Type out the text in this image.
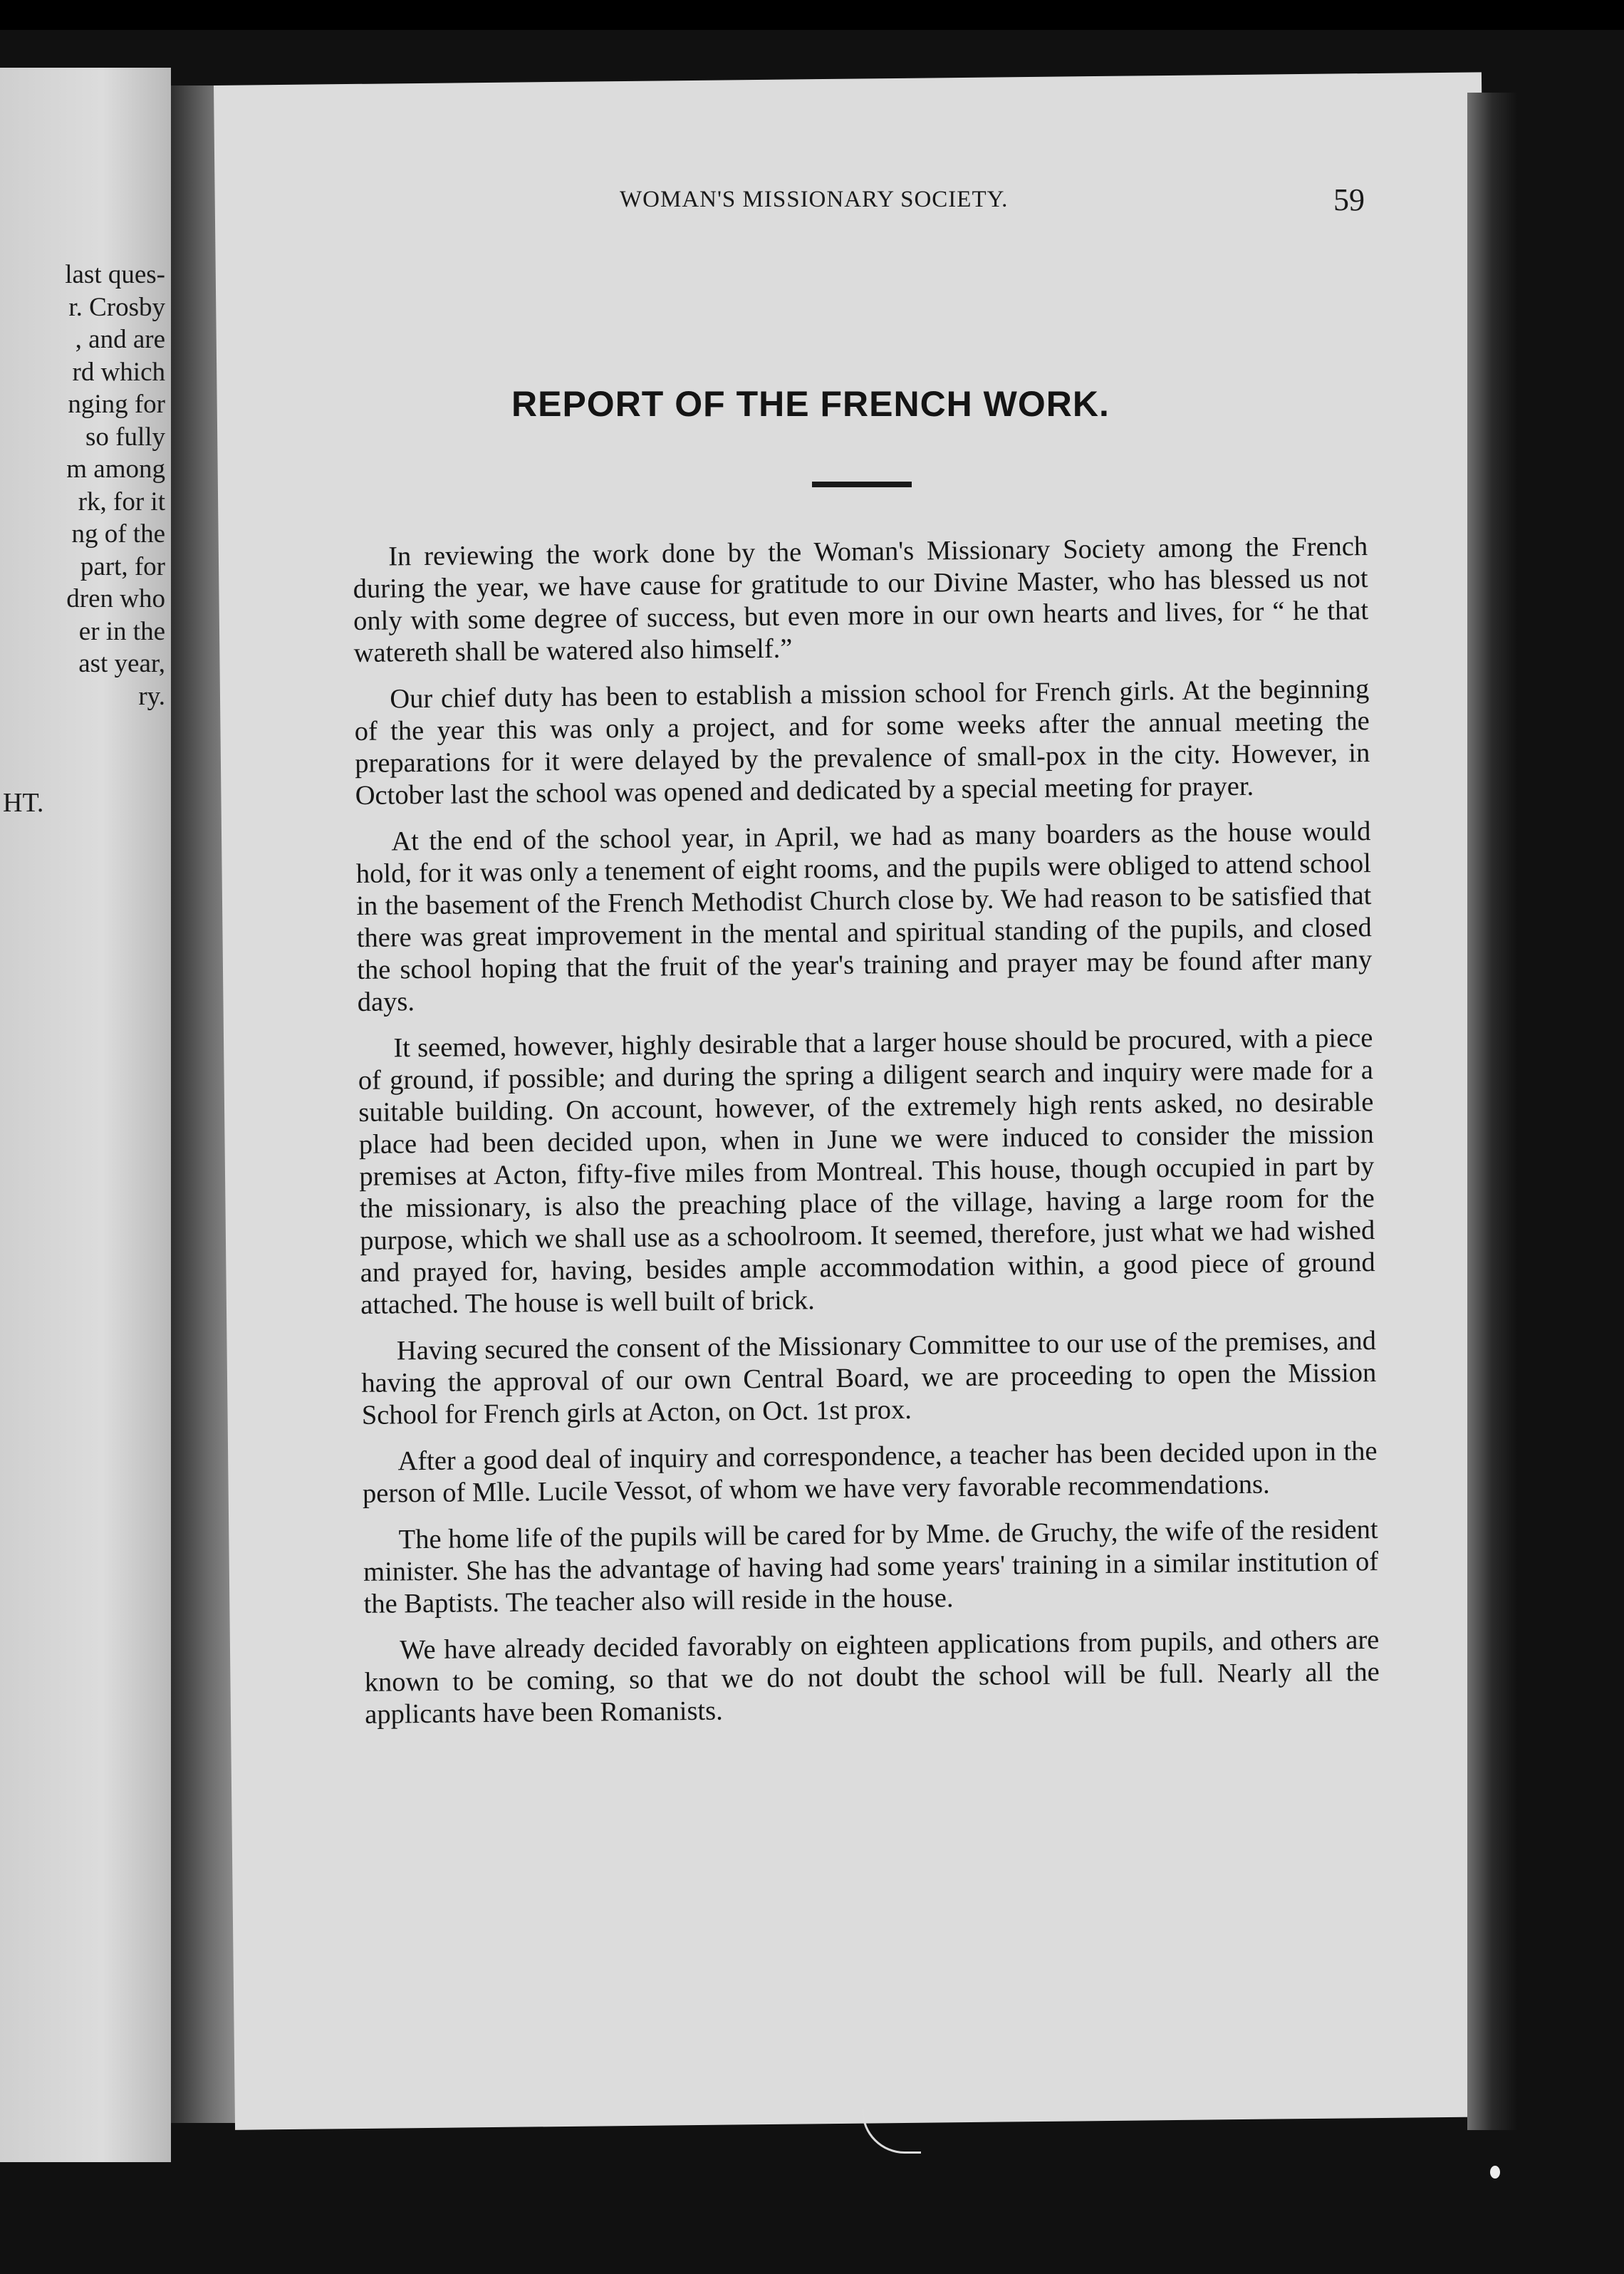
last ques-
r. Crosby
, and are
rd which
nging for
so fully
m among
rk, for it
ng of the
part, for
dren who
er in the
ast year,
ry.
HT.
WOMAN'S MISSIONARY SOCIETY.	59
REPORT OF THE FRENCH WORK.

In reviewing the work done by the Woman's Missionary Society among the French during the year, we have cause for gratitude to our Divine Master, who has blessed us not only with some degree of success, but even more in our own hearts and lives, for “ he that watereth shall be watered also himself.”

Our chief duty has been to establish a mission school for French girls. At the beginning of the year this was only a project, and for some weeks after the annual meeting the preparations for it were delayed by the prevalence of small-pox in the city. However, in October last the school was opened and dedicated by a special meeting for prayer.

At the end of the school year, in April, we had as many boarders as the house would hold, for it was only a tenement of eight rooms, and the pupils were obliged to attend school in the basement of the French Methodist Church close by. We had reason to be satisfied that there was great improvement in the mental and spiritual standing of the pupils, and closed the school hoping that the fruit of the year's training and prayer may be found after many days.

It seemed, however, highly desirable that a larger house should be procured, with a piece of ground, if possible; and during the spring a diligent search and inquiry were made for a suitable building. On account, however, of the extremely high rents asked, no desirable place had been decided upon, when in June we were induced to consider the mission premises at Acton, fifty-five miles from Montreal. This house, though occupied in part by the missionary, is also the preaching place of the village, having a large room for the purpose, which we shall use as a schoolroom. It seemed, therefore, just what we had wished and prayed for, having, besides ample accommodation within, a good piece of ground attached. The house is well built of brick.

Having secured the consent of the Missionary Committee to our use of the premises, and having the approval of our own Central Board, we are proceeding to open the Mission School for French girls at Acton, on Oct. 1st prox.

After a good deal of inquiry and correspondence, a teacher has been decided upon in the person of Mlle. Lucile Vessot, of whom we have very favorable recommendations.

The home life of the pupils will be cared for by Mme. de Gruchy, the wife of the resident minister. She has the advantage of having had some years' training in a similar institution of the Baptists. The teacher also will reside in the house.

We have already decided favorably on eighteen applications from pupils, and others are known to be coming, so that we do not doubt the school will be full. Nearly all the applicants have been Romanists.
